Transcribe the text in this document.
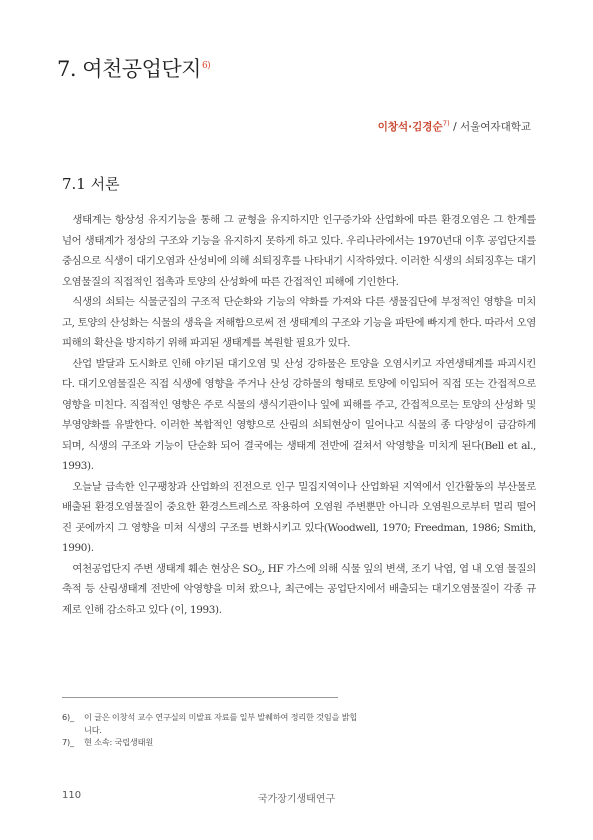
7. 여천공업단지$^{6)}$
이창석·김경순$^{7)}$ / 서울여자대학교
7.1 서론

생태계는 항상성 유지기능을 통해 그 균형을 유지하지만 인구증가와 산업화에 따른 환경오염은 그 한계를 넘어 생태계가 정상의 구조와 기능을 유지하지 못하게 하고 있다. 우리나라에서는 1970년대 이후 공업단지를 중심으로 식생이 대기오염과 산성비에 의해 쇠퇴징후를 나타내기 시작하였다. 이러한 식생의 쇠퇴징후는 대기오염물질의 직접적인 접촉과 토양의 산성화에 따른 간접적인 피해에 기인한다.

식생의 쇠퇴는 식물군집의 구조적 단순화와 기능의 약화를 가져와 다른 생물집단에 부정적인 영향을 미치고, 토양의 산성화는 식물의 생육을 저해함으로써 전 생태계의 구조와 기능을 파탄에 빠지게 한다. 따라서 오염피해의 확산을 방지하기 위해 파괴된 생태계를 복원할 필요가 있다.

산업 발달과 도시화로 인해 야기된 대기오염 및 산성 강하물은 토양을 오염시키고 자연생태계를 파괴시킨다. 대기오염물질은 직접 식생에 영향을 주거나 산성 강하물의 형태로 토양에 이입되어 직접 또는 간접적으로 영향을 미친다. 직접적인 영향은 주로 식물의 생식기관이나 잎에 피해를 주고, 간접적으로는 토양의 산성화 및 부영양화를 유발한다. 이러한 복합적인 영향으로 산림의 쇠퇴현상이 일어나고 식물의 종 다양성이 급감하게 되며, 식생의 구조와 기능이 단순화 되어 결국에는 생태계 전반에 걸쳐서 악영향을 미치게 된다(Bell et al., 1993).

오늘날 급속한 인구팽창과 산업화의 진전으로 인구 밀집지역이나 산업화된 지역에서 인간활동의 부산물로 배출된 환경오염물질이 중요한 환경스트레스로 작용하여 오염원 주변뿐만 아니라 오염원으로부터 멀리 떨어진 곳에까지 그 영향을 미쳐 식생의 구조를 변화시키고 있다(Woodwell, 1970; Freedman, 1986; Smith, 1990).

여천공업단지 주변 생태계 훼손 현상은 $SO_2$, HF 가스에 의해 식물 잎의 변색, 조기 낙엽, 엽 내 오염 물질의 축적 등 산림생태계 전반에 악영향을 미쳐 왔으나, 최근에는 공업단지에서 배출되는 대기오염물질이 각종 규제로 인해 감소하고 있다 (이, 1993).

6)_ 이 글은 이창석 교수 연구실의 미발표 자료를 일부 발췌하여 정리한 것임을 밝힙니다.
7)_ 현 소속: 국립생태원
110	국가장기생태연구
